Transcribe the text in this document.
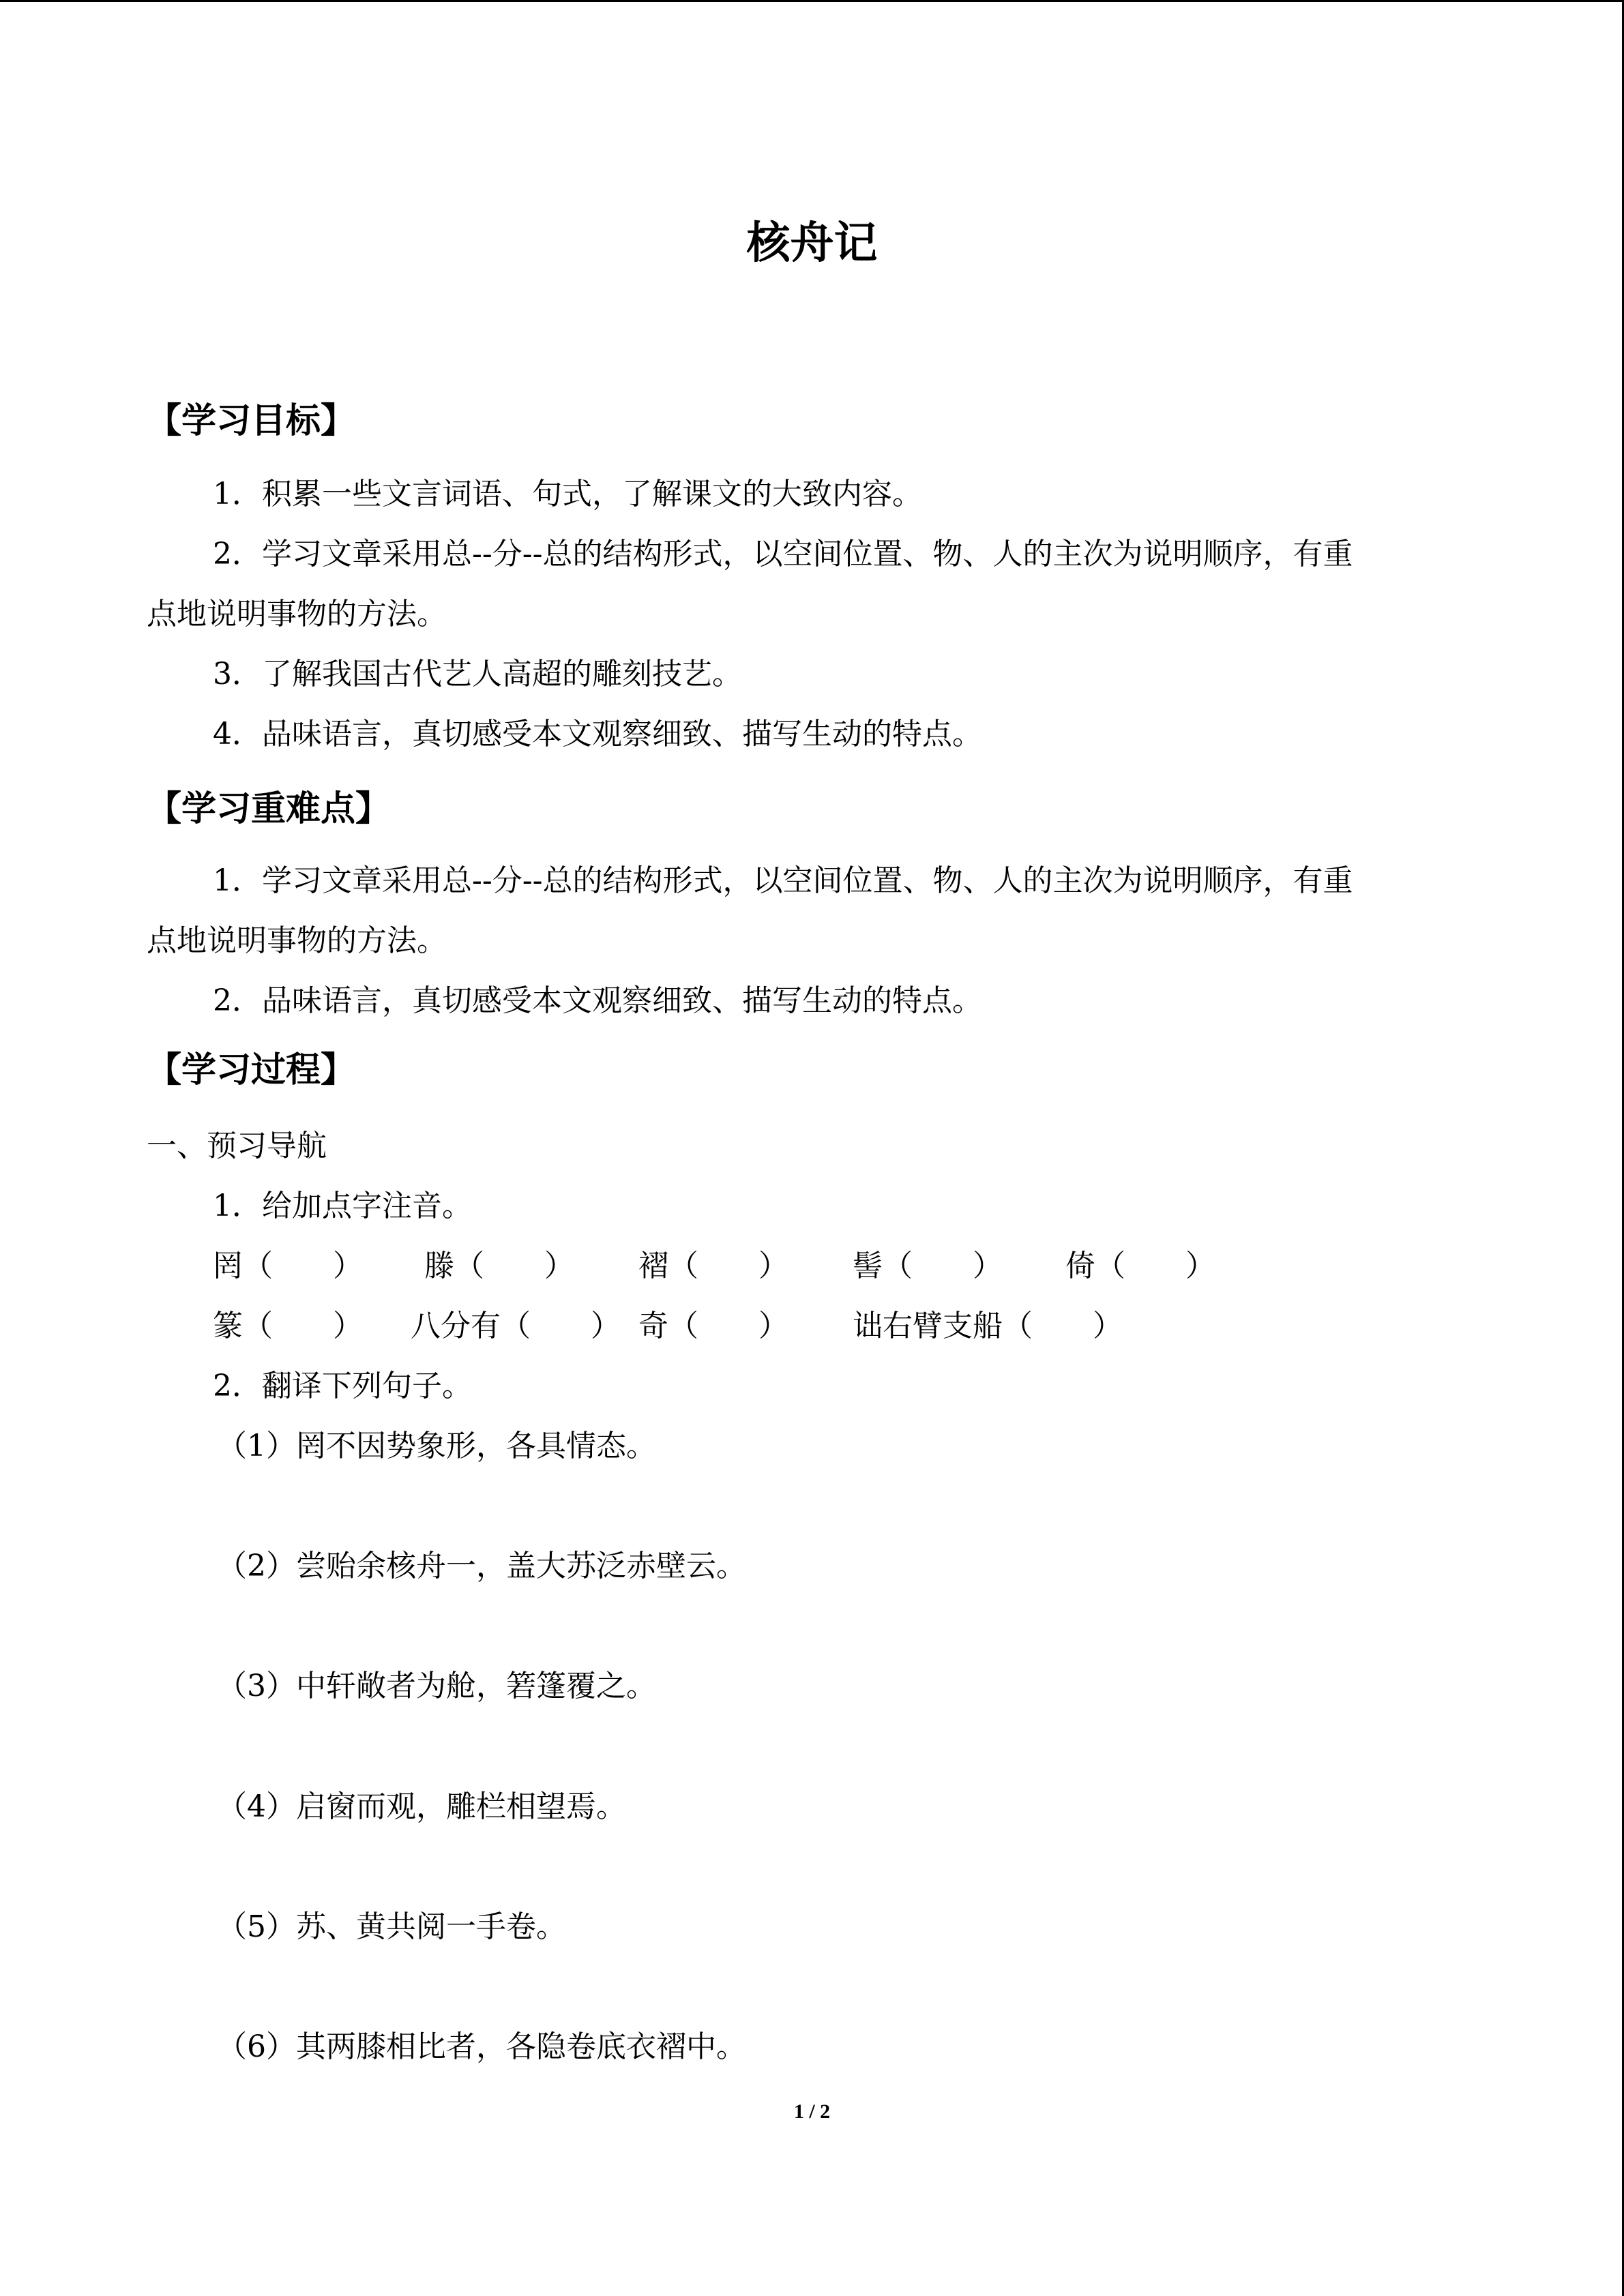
核舟记
【学习目标】
1．积累一些文言词语、句式，了解课文的大致内容。
2．学习文章采用总--分--总的结构形式，以空间位置、物、人的主次为说明顺序，有重
点地说明事物的方法。
3．了解我国古代艺人高超的雕刻技艺。
4．品味语言，真切感受本文观察细致、描写生动的特点。
【学习重难点】
1．学习文章采用总--分--总的结构形式，以空间位置、物、人的主次为说明顺序，有重
点地说明事物的方法。
2．品味语言，真切感受本文观察细致、描写生动的特点。
【学习过程】
一、预习导航
1．给加点字注音。
罔（　　） 滕（　　） 褶（　　） 髻（　　） 倚（　　）
篆（　　） 八分有（　　） 奇（　　） 诎右臂支船（　　）
2．翻译下列句子。
（1）罔不因势象形，各具情态。
（2）尝贻余核舟一，盖大苏泛赤壁云。
（3）中轩敞者为舱，箬篷覆之。
（4）启窗而观，雕栏相望焉。
（5）苏、黄共阅一手卷。
（6）其两膝相比者，各隐卷底衣褶中。
1 / 2
